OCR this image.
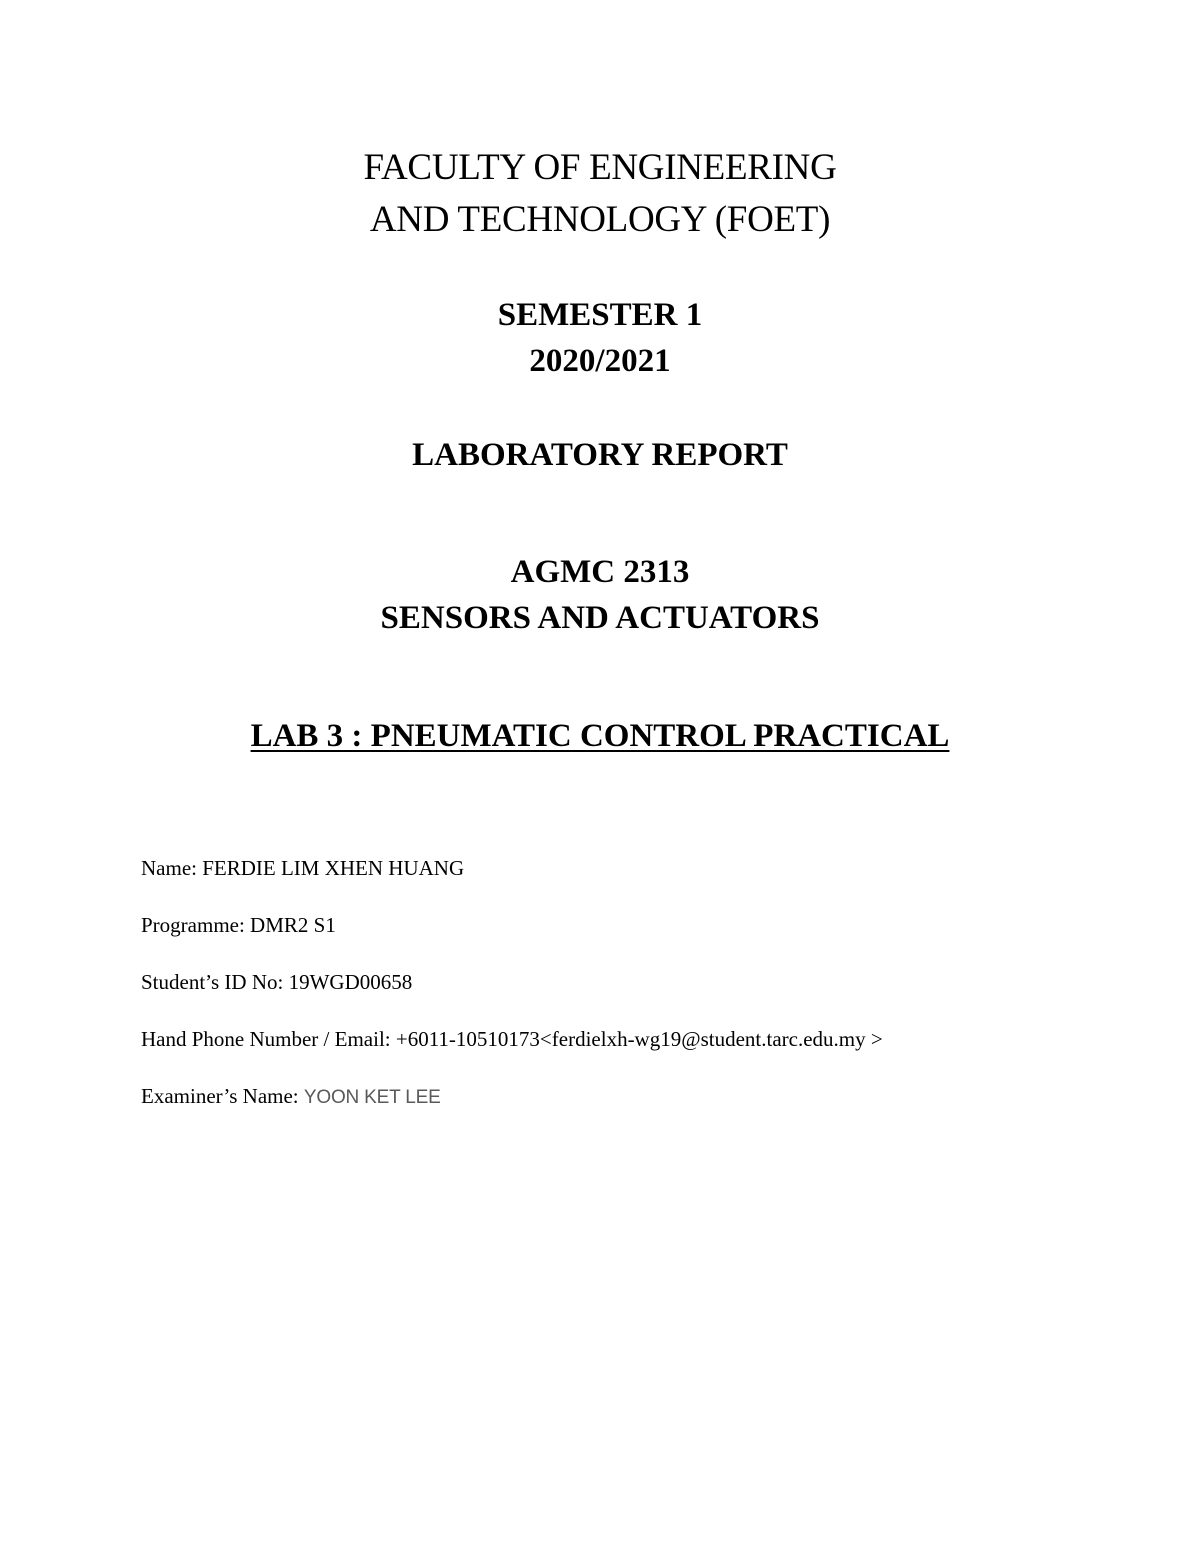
FACULTY OF ENGINEERING
AND TECHNOLOGY (FOET)
SEMESTER 1
2020/2021
LABORATORY REPORT
AGMC 2313
SENSORS AND ACTUATORS
LAB 3 : PNEUMATIC CONTROL PRACTICAL
Name: FERDIE LIM XHEN HUANG
Programme: DMR2 S1
Student’s ID No: 19WGD00658
Hand Phone Number / Email: +6011-10510173<ferdielxh-wg19@student.tarc.edu.my >
Examiner’s Name: YOON KET LEE
